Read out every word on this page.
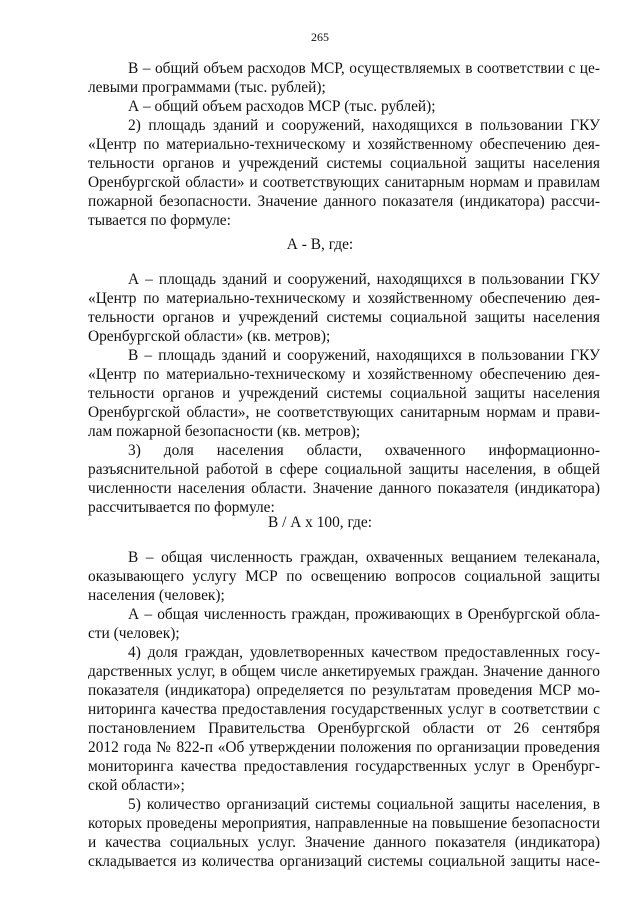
265
В – общий объем расходов МСР, осуществляемых в соответствии с це-
левыми программами (тыс. рублей);
А – общий объем расходов МСР (тыс. рублей);
2) площадь зданий и сооружений, находящихся в пользовании ГКУ
«Центр по материально-техническому и хозяйственному обеспечению дея-
тельности органов и учреждений системы социальной защиты населения
Оренбургской области» и соответствующих санитарным нормам и правилам
пожарной безопасности. Значение данного показателя (индикатора) рассчи-
тывается по формуле:
А - В, где:
А – площадь зданий и сооружений, находящихся в пользовании ГКУ
«Центр по материально-техническому и хозяйственному обеспечению дея-
тельности органов и учреждений системы социальной защиты населения
Оренбургской области» (кв. метров);
В – площадь зданий и сооружений, находящихся в пользовании ГКУ
«Центр по материально-техническому и хозяйственному обеспечению дея-
тельности органов и учреждений системы социальной защиты населения
Оренбургской области», не соответствующих санитарным нормам и прави-
лам пожарной безопасности (кв. метров);
3) доля населения области, охваченного информационно-
разъяснительной работой в сфере социальной защиты населения, в общей
численности населения области. Значение данного показателя (индикатора)
рассчитывается по формуле:
В / А х 100, где:
В – общая численность граждан, охваченных вещанием телеканала,
оказывающего услугу МСР по освещению вопросов социальной защиты
населения (человек);
А – общая численность граждан, проживающих в Оренбургской обла-
сти (человек);
4) доля граждан, удовлетворенных качеством предоставленных госу-
дарственных услуг, в общем числе анкетируемых граждан. Значение данного
показателя (индикатора) определяется по результатам проведения МСР мо-
ниторинга качества предоставления государственных услуг в соответствии с
постановлением Правительства Оренбургской области от 26 сентября
2012 года № 822-п «Об утверждении положения по организации проведения
мониторинга качества предоставления государственных услуг в Оренбург-
ской области»;
5) количество организаций системы социальной защиты населения, в
которых проведены мероприятия, направленные на повышение безопасности
и качества социальных услуг. Значение данного показателя (индикатора)
складывается из количества организаций системы социальной защиты насе-
